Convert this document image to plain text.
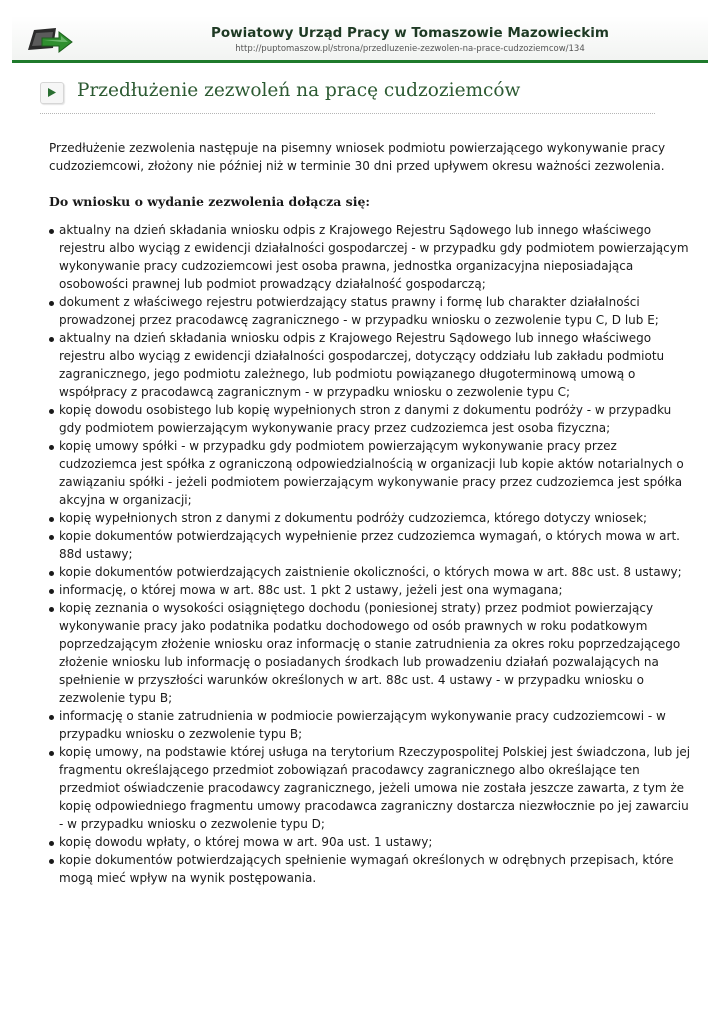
Powiatowy Urząd Pracy w Tomaszowie Mazowieckim
http://puptomaszow.pl/strona/przedluzenie-zezwolen-na-prace-cudzoziemcow/134
Przedłużenie zezwoleń na pracę cudzoziemców

Przedłużenie zezwolenia następuje na pisemny wniosek podmiotu powierzającego wykonywanie pracy cudzoziemcowi, złożony nie później niż w terminie 30 dni przed upływem okresu ważności zezwolenia.

Do wniosku o wydanie zezwolenia dołącza się:
aktualny na dzień składania wniosku odpis z Krajowego Rejestru Sądowego lub innego właściwego rejestru albo wyciąg z ewidencji działalności gospodarczej - w przypadku gdy podmiotem powierzającym wykonywanie pracy cudzoziemcowi jest osoba prawna, jednostka organizacyjna nieposiadająca osobowości prawnej lub podmiot prowadzący działalność gospodarczą;
dokument z właściwego rejestru potwierdzający status prawny i formę lub charakter działalności prowadzonej przez pracodawcę zagranicznego - w przypadku wniosku o zezwolenie typu C, D lub E;
aktualny na dzień składania wniosku odpis z Krajowego Rejestru Sądowego lub innego właściwego rejestru albo wyciąg z ewidencji działalności gospodarczej, dotyczący oddziału lub zakładu podmiotu zagranicznego, jego podmiotu zależnego, lub podmiotu powiązanego długoterminową umową o współpracy z pracodawcą zagranicznym - w przypadku wniosku o zezwolenie typu C;
kopię dowodu osobistego lub kopię wypełnionych stron z danymi z dokumentu podróży - w przypadku gdy podmiotem powierzającym wykonywanie pracy przez cudzoziemca jest osoba fizyczna;
kopię umowy spółki - w przypadku gdy podmiotem powierzającym wykonywanie pracy przez cudzoziemca jest spółka z ograniczoną odpowiedzialnością w organizacji lub kopie aktów notarialnych o zawiązaniu spółki - jeżeli podmiotem powierzającym wykonywanie pracy przez cudzoziemca jest spółka akcyjna w organizacji;
kopię wypełnionych stron z danymi z dokumentu podróży cudzoziemca, którego dotyczy wniosek;
kopie dokumentów potwierdzających wypełnienie przez cudzoziemca wymagań, o których mowa w art. 88d ustawy;
kopie dokumentów potwierdzających zaistnienie okoliczności, o których mowa w art. 88c ust. 8 ustawy;
informację, o której mowa w art. 88c ust. 1 pkt 2 ustawy, jeżeli jest ona wymagana;
kopię zeznania o wysokości osiągniętego dochodu (poniesionej straty) przez podmiot powierzający wykonywanie pracy jako podatnika podatku dochodowego od osób prawnych w roku podatkowym poprzedzającym złożenie wniosku oraz informację o stanie zatrudnienia za okres roku poprzedzającego złożenie wniosku lub informację o posiadanych środkach lub prowadzeniu działań pozwalających na spełnienie w przyszłości warunków określonych w art. 88c ust. 4 ustawy - w przypadku wniosku o zezwolenie typu B;
informację o stanie zatrudnienia w podmiocie powierzającym wykonywanie pracy cudzoziemcowi - w przypadku wniosku o zezwolenie typu B;
kopię umowy, na podstawie której usługa na terytorium Rzeczypospolitej Polskiej jest świadczona, lub jej fragmentu określającego przedmiot zobowiązań pracodawcy zagranicznego albo określające ten przedmiot oświadczenie pracodawcy zagranicznego, jeżeli umowa nie została jeszcze zawarta, z tym że kopię odpowiedniego fragmentu umowy pracodawca zagraniczny dostarcza niezwłocznie po jej zawarciu - w przypadku wniosku o zezwolenie typu D;
kopię dowodu wpłaty, o której mowa w art. 90a ust. 1 ustawy;
kopie dokumentów potwierdzających spełnienie wymagań określonych w odrębnych przepisach, które mogą mieć wpływ na wynik postępowania.
